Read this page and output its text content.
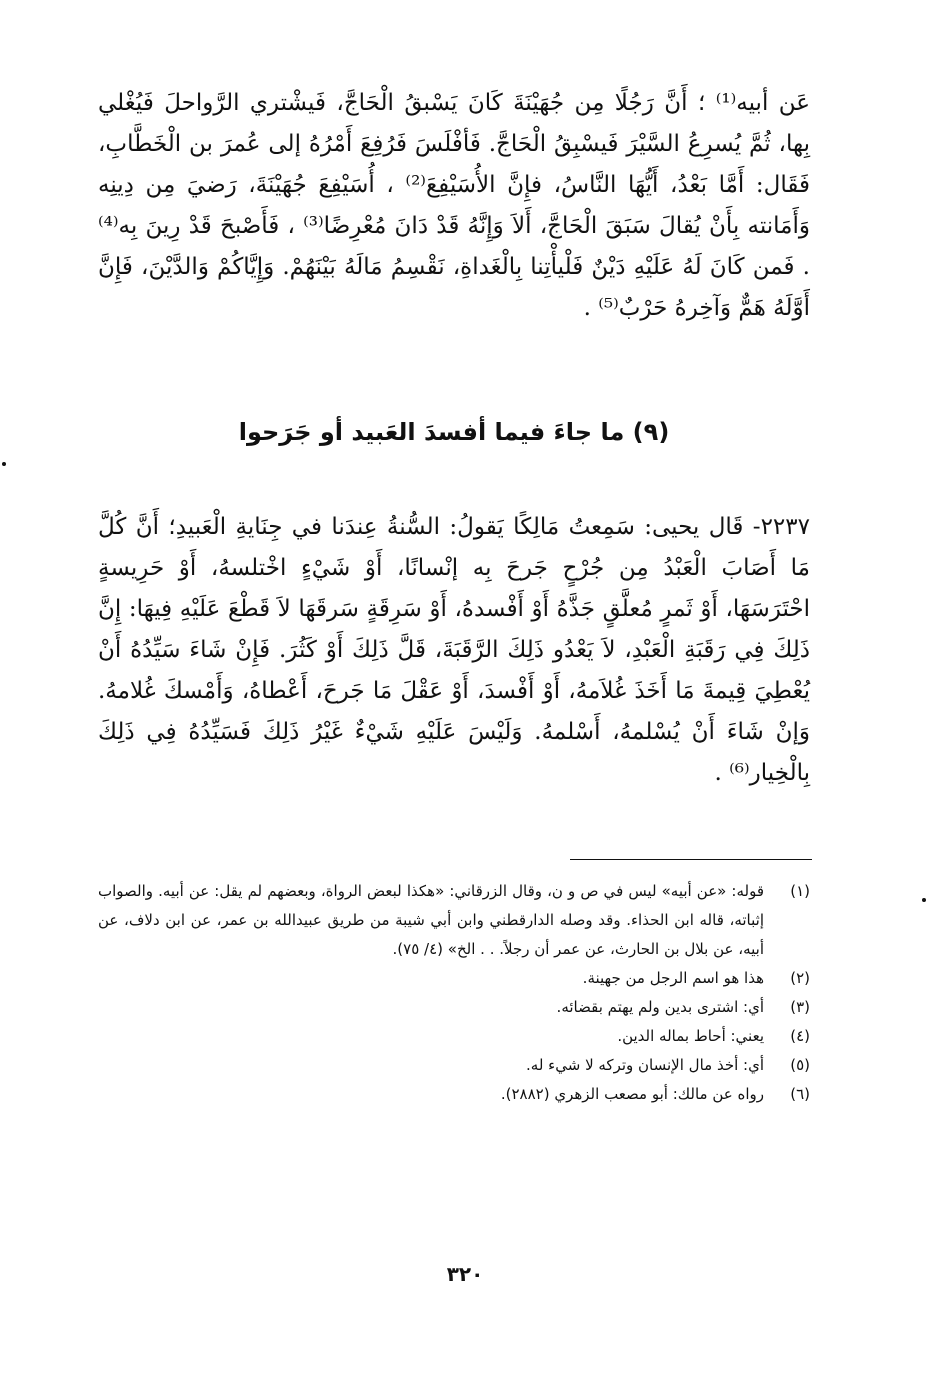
عَن أبيه⁽¹⁾ ؛ أَنَّ رَجُلًا مِن جُهَيْنَةَ كَانَ يَسْبقُ الْحَاجَّ، فَيشْتري الرَّواحلَ فَيُغْلي بِها، ثُمَّ يُسرِعُ السَّيْرَ فَيسْبِقُ الْحَاجَّ. فَأفْلَسَ فَرُفِعَ أَمْرُهُ إلى عُمرَ بن الْخَطَّابِ، فَقَال: أَمَّا بَعْدُ، أَيُّهَا النَّاسُ، فإِنَّ الأُسَيْفِعَ⁽²⁾ ، أُسَيْفِعَ جُهَيْنَةَ، رَضيَ مِن دِينِه وَأَمَانته بِأَنْ يُقالَ سَبَقَ الْحَاجَّ، أَلاَ وَإِنَّهُ قَدْ دَانَ مُعْرِضًا⁽³⁾ ، فَأَصْبحَ قَدْ رِينَ بِه⁽⁴⁾ . فَمن كَانَ لَهُ عَلَيْهِ دَيْنٌ فَلْيأْتِنا بِالْغَداةِ، نَقْسِمُ مَالَهُ بَيْنَهُمْ. وَإِيَّاكُمْ وَالدَّيْنَ، فَإِنَّ أَوَّلَهُ هَمٌّ وَآخِرهُ حَرْبٌ⁽⁵⁾ .
(٩) ما جاءَ فيما أفسدَ العَبيد أو جَرَحوا
٢٢٣٧- قَال يحيى: سَمِعتُ مَالِكًا يَقولُ: السُّنةُ عِندَنا في جِنَايةِ الْعَبيدِ؛ أَنَّ كُلَّ مَا أَصَابَ الْعَبْدُ مِن جُرْحٍ جَرحَ بِه إنْسانًا، أَوْ شَيْءٍ اخْتلسهُ، أَوْ حَرِيسةٍ احْتَرَسَهَا، أَوْ ثَمرٍ مُعلَّقٍ جَذَّهُ أَوْ أَفْسدهُ، أَوْ سَرِقَةٍ سَرقَهَا لاَ قَطْعَ عَلَيْهِ فِيهَا: إِنَّ ذَلِكَ فِي رَقَبَةِ الْعَبْدِ، لاَ يَعْدُو ذَلِكَ الرَّقَبَةَ، قَلَّ ذَلِكَ أَوْ كَثُرَ. فَإِنْ شَاءَ سَيِّدُهُ أَنْ يُعْطِيَ قِيمةَ مَا أَخَذَ غُلاَمهُ، أَوْ أَفْسدَ، أَوْ عَقْلَ مَا جَرحَ، أَعْطاهُ، وَأَمْسكَ غُلامهُ. وَإنْ شَاءَ أَنْ يُسْلمهُ، أَسْلمهُ. وَلَيْسَ عَلَيْهِ شَيْءٌ غَيْرُ ذَلِكَ فَسَيِّدُهُ فِي ذَلِكَ بِالْخِيار⁽⁶⁾ .
(١)
قوله: «عن أبيه» ليس في ص و ن، وقال الزرقاني: «هكذا لبعض الرواة، وبعضهم لم يقل: عن أبيه. والصواب إثباته، قاله ابن الحذاء. وقد وصله الدارقطني وابن أبي شيبة من طريق عبيدالله بن عمر، عن ابن دلاف، عن أبيه، عن بلال بن الحارث، عن عمر أن رجلاً. . . الخ» (٤/ ٧٥).
(٢)
هذا هو اسم الرجل من جهينة.
(٣)
أي: اشترى بدين ولم يهتم بقضائه.
(٤)
يعني: أحاط بماله الدين.
(٥)
أي: أخذ مال الإنسان وتركه لا شيء له.
(٦)
رواه عن مالك: أبو مصعب الزهري (٢٨٨٢).
٣٢٠
